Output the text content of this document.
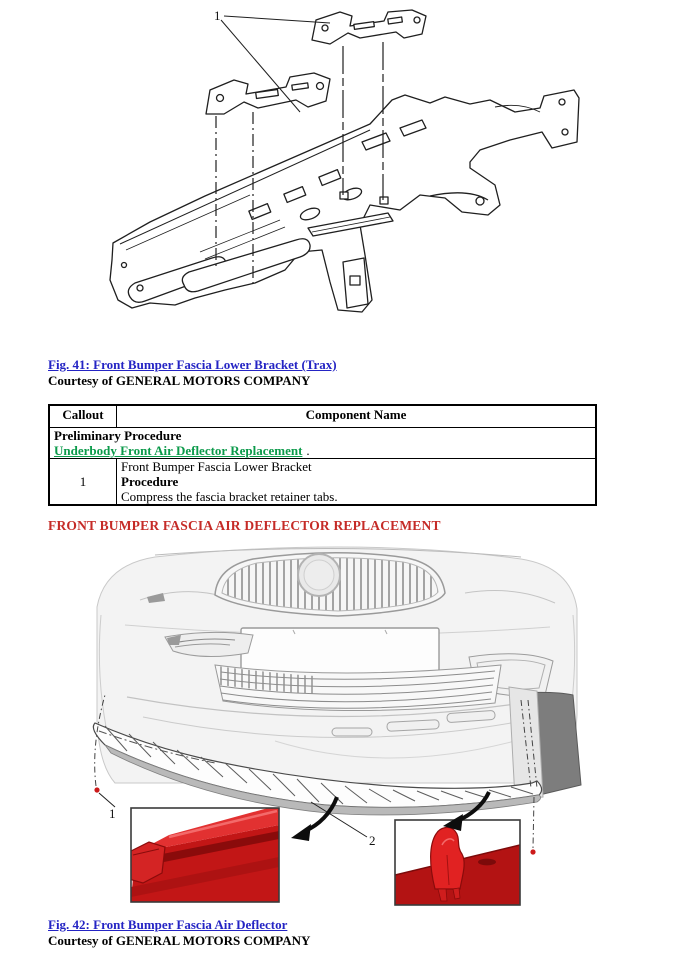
1
Fig. 41: Front Bumper Fascia Lower Bracket (Trax)
Courtesy of GENERAL MOTORS COMPANY
Callout	Component Name

Preliminary Procedure
Underbody Front Air Deflector Replacement .	

1	Front Bumper Fascia Lower Bracket
Procedure
Compress the fascia bracket retainer tabs.
FRONT BUMPER FASCIA AIR DEFLECTOR REPLACEMENT
1
2
Fig. 42: Front Bumper Fascia Air Deflector
Courtesy of GENERAL MOTORS COMPANY
